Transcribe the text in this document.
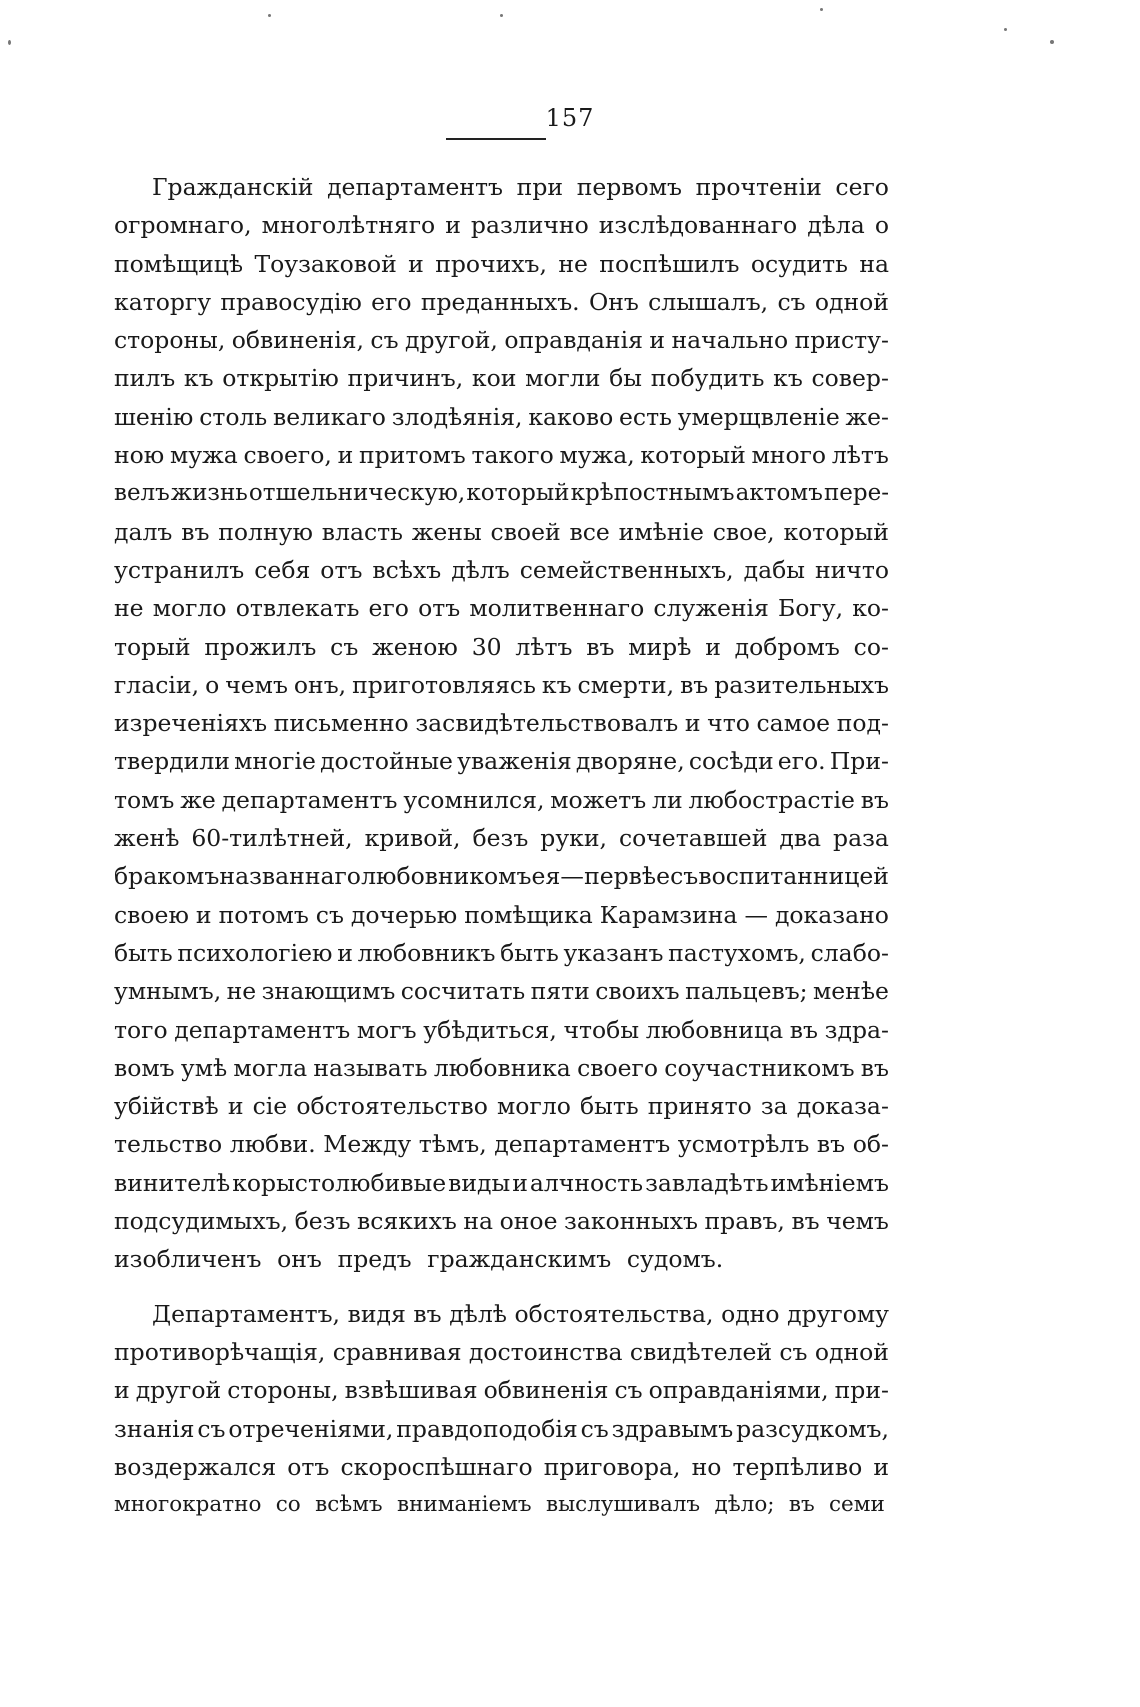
157
Гражданскій департаментъ при первомъ прочтеніи сего
огромнаго, многолѣтняго и различно изслѣдованнаго дѣла о
помѣщицѣ Тоузаковой и прочихъ, не поспѣшилъ осудить на
каторгу правосудію его преданныхъ. Онъ слышалъ, съ одной
стороны, обвиненія, съ другой, оправданія и начально присту-
пилъ къ открытію причинъ, кои могли бы побудить къ совер-
шенію столь великаго злодѣянія, каково есть умерщвленіе же-
ною мужа своего, и притомъ такого мужа, который много лѣтъ
велъ жизнь отшельническую, который крѣпостнымъ актомъ пере-
далъ въ полную власть жены своей все имѣніе свое, который
устранилъ себя отъ всѣхъ дѣлъ семейственныхъ, дабы ничто
не могло отвлекать его отъ молитвеннаго служенія Богу, ко-
торый прожилъ съ женою 30 лѣтъ въ мирѣ и добромъ со-
гласіи, о чемъ онъ, приготовляясь къ смерти, въ разительныхъ
изреченіяхъ письменно засвидѣтельствовалъ и что самое под-
твердили многіе достойные уваженія дворяне, сосѣди его. При-
томъ же департаментъ усомнился, можетъ ли любострастіе въ
женѣ 60-тилѣтней, кривой, безъ руки, сочетавшей два раза
бракомъ названнаго любовникомъ ея — первѣе съ воспитанницей
своею и потомъ съ дочерью помѣщика Карамзина — доказано
быть психологіею и любовникъ быть указанъ пастухомъ, слабо-
умнымъ, не знающимъ сосчитать пяти своихъ пальцевъ; менѣе
того департаментъ могъ убѣдиться, чтобы любовница въ здра-
вомъ умѣ могла называть любовника своего соучастникомъ въ
убійствѣ и сіе обстоятельство могло быть принято за доказа-
тельство любви. Между тѣмъ, департаментъ усмотрѣлъ въ об-
винителѣ корыстолюбивые виды и алчность завладѣть имѣніемъ
подсудимыхъ, безъ всякихъ на оное законныхъ правъ, въ чемъ
изобличенъ онъ предъ гражданскимъ судомъ.
Департаментъ, видя въ дѣлѣ обстоятельства, одно другому
противорѣчащія, сравнивая достоинства свидѣтелей съ одной
и другой стороны, взвѣшивая обвиненія съ оправданіями, при-
знанія съ отреченіями, правдоподобія съ здравымъ разсудкомъ,
воздержался отъ скороспѣшнаго приговора, но терпѣливо и
многократно со всѣмъ вниманіемъ выслушивалъ дѣло; въ семи
